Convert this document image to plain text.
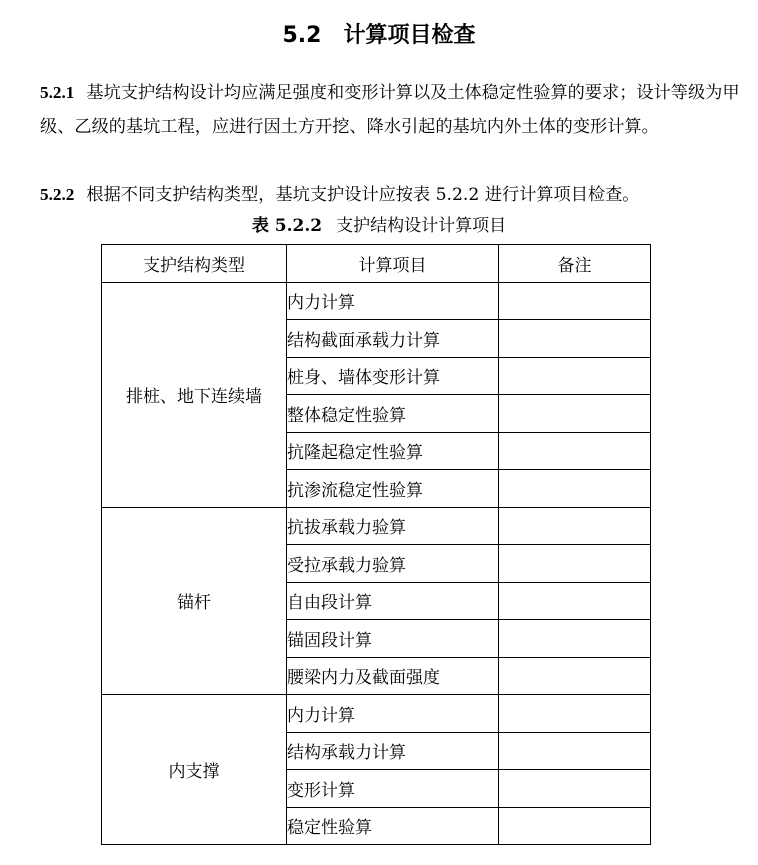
5.2 计算项目检查
5.2.1 基坑支护结构设计均应满足强度和变形计算以及土体稳定性验算的要求；设计等级为甲级、乙级的基坑工程，应进行因土方开挖、降水引起的基坑内外土体的变形计算。
5.2.2 根据不同支护结构类型，基坑支护设计应按表 5.2.2 进行计算项目检查。
表 5.2.2 支护结构设计计算项目
支护结构类型	计算项目	备注
排桩、地下连续墙	内力计算	
	结构截面承载力计算	
	桩身、墙体变形计算	
	整体稳定性验算	
	抗隆起稳定性验算	
	抗渗流稳定性验算	
锚杆	抗拔承载力验算	
	受拉承载力验算	
	自由段计算	
	锚固段计算	
	腰梁内力及截面强度	
内支撑	内力计算	
	结构承载力计算	
	变形计算	
	稳定性验算	
